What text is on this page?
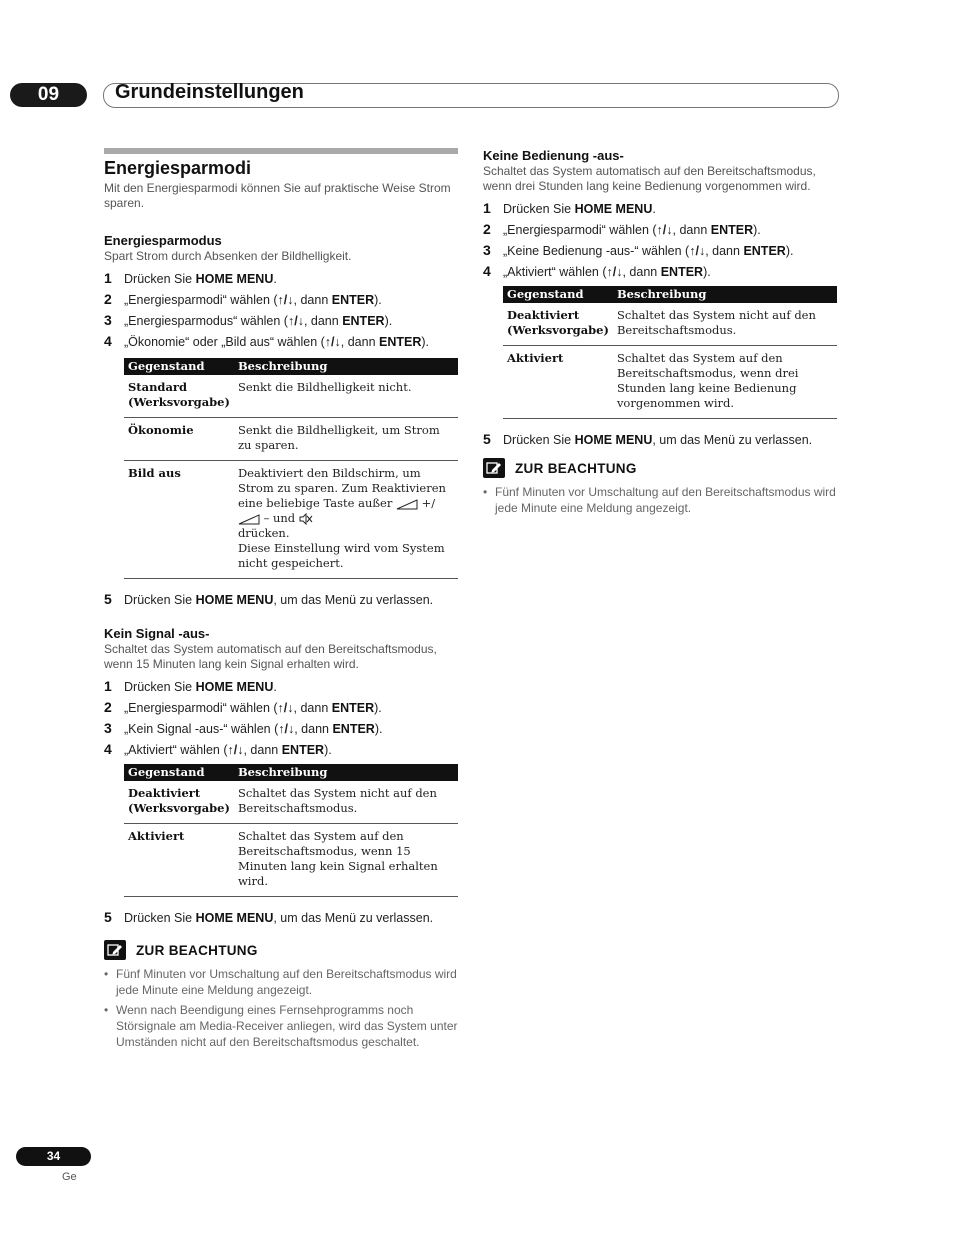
09	Grundeinstellungen
Energiesparmodi

Mit den Energiesparmodi können Sie auf praktische Weise Strom sparen.

Energiesparmodus

Spart Strom durch Absenken der Bildhelligkeit.

1 Drücken Sie HOME MENU.
2 „Energiesparmodi“ wählen (↑/↓, dann ENTER).
3 „Energiesparmodus“ wählen (↑/↓, dann ENTER).
4 „Ökonomie“ oder „Bild aus“ wählen (↑/↓, dann ENTER).
Gegenstand	Beschreibung
Standard (Werksvorgabe)	Senkt die Bildhelligkeit nicht.
Ökonomie	Senkt die Bildhelligkeit, um Strom zu sparen.
Bild aus	Deaktiviert den Bildschirm, um Strom zu sparen. Zum Reaktivieren eine beliebige Taste außer +/  – und
drücken.
Diese Einstellung wird vom System nicht gespeichert.
5 Drücken Sie HOME MENU, um das Menü zu verlassen.

Kein Signal -aus-

Schaltet das System automatisch auf den Bereitschaftsmodus, wenn 15 Minuten lang kein Signal erhalten wird.

1 Drücken Sie HOME MENU.
2 „Energiesparmodi“ wählen (↑/↓, dann ENTER).
3 „Kein Signal -aus-“ wählen (↑/↓, dann ENTER).
4 „Aktiviert“ wählen (↑/↓, dann ENTER).
Gegenstand	Beschreibung
Deaktiviert (Werksvorgabe)	Schaltet das System nicht auf den Bereitschaftsmodus.
Aktiviert	Schaltet das System auf den Bereitschaftsmodus, wenn 15 Minuten lang kein Signal erhalten wird.
5 Drücken Sie HOME MENU, um das Menü zu verlassen.
ZUR BEACHTUNG

• Fünf Minuten vor Umschaltung auf den Bereitschaftsmodus wird jede Minute eine Meldung angezeigt.

• Wenn nach Beendigung eines Fernsehprogramms noch Störsignale am Media-Receiver anliegen, wird das System unter Umständen nicht auf den Bereitschaftsmodus geschaltet.

Keine Bedienung -aus-

Schaltet das System automatisch auf den Bereitschaftsmodus, wenn drei Stunden lang keine Bedienung vorgenommen wird.

1 Drücken Sie HOME MENU.
2 „Energiesparmodi“ wählen (↑/↓, dann ENTER).
3 „Keine Bedienung -aus-“ wählen (↑/↓, dann ENTER).
4 „Aktiviert“ wählen (↑/↓, dann ENTER).
Gegenstand	Beschreibung
Deaktiviert (Werksvorgabe)	Schaltet das System nicht auf den Bereitschaftsmodus.
Aktiviert	Schaltet das System auf den Bereitschaftsmodus, wenn drei Stunden lang keine Bedienung vorgenommen wird.
5 Drücken Sie HOME MENU, um das Menü zu verlassen.
ZUR BEACHTUNG

• Fünf Minuten vor Umschaltung auf den Bereitschaftsmodus wird jede Minute eine Meldung angezeigt.

34
Ge
